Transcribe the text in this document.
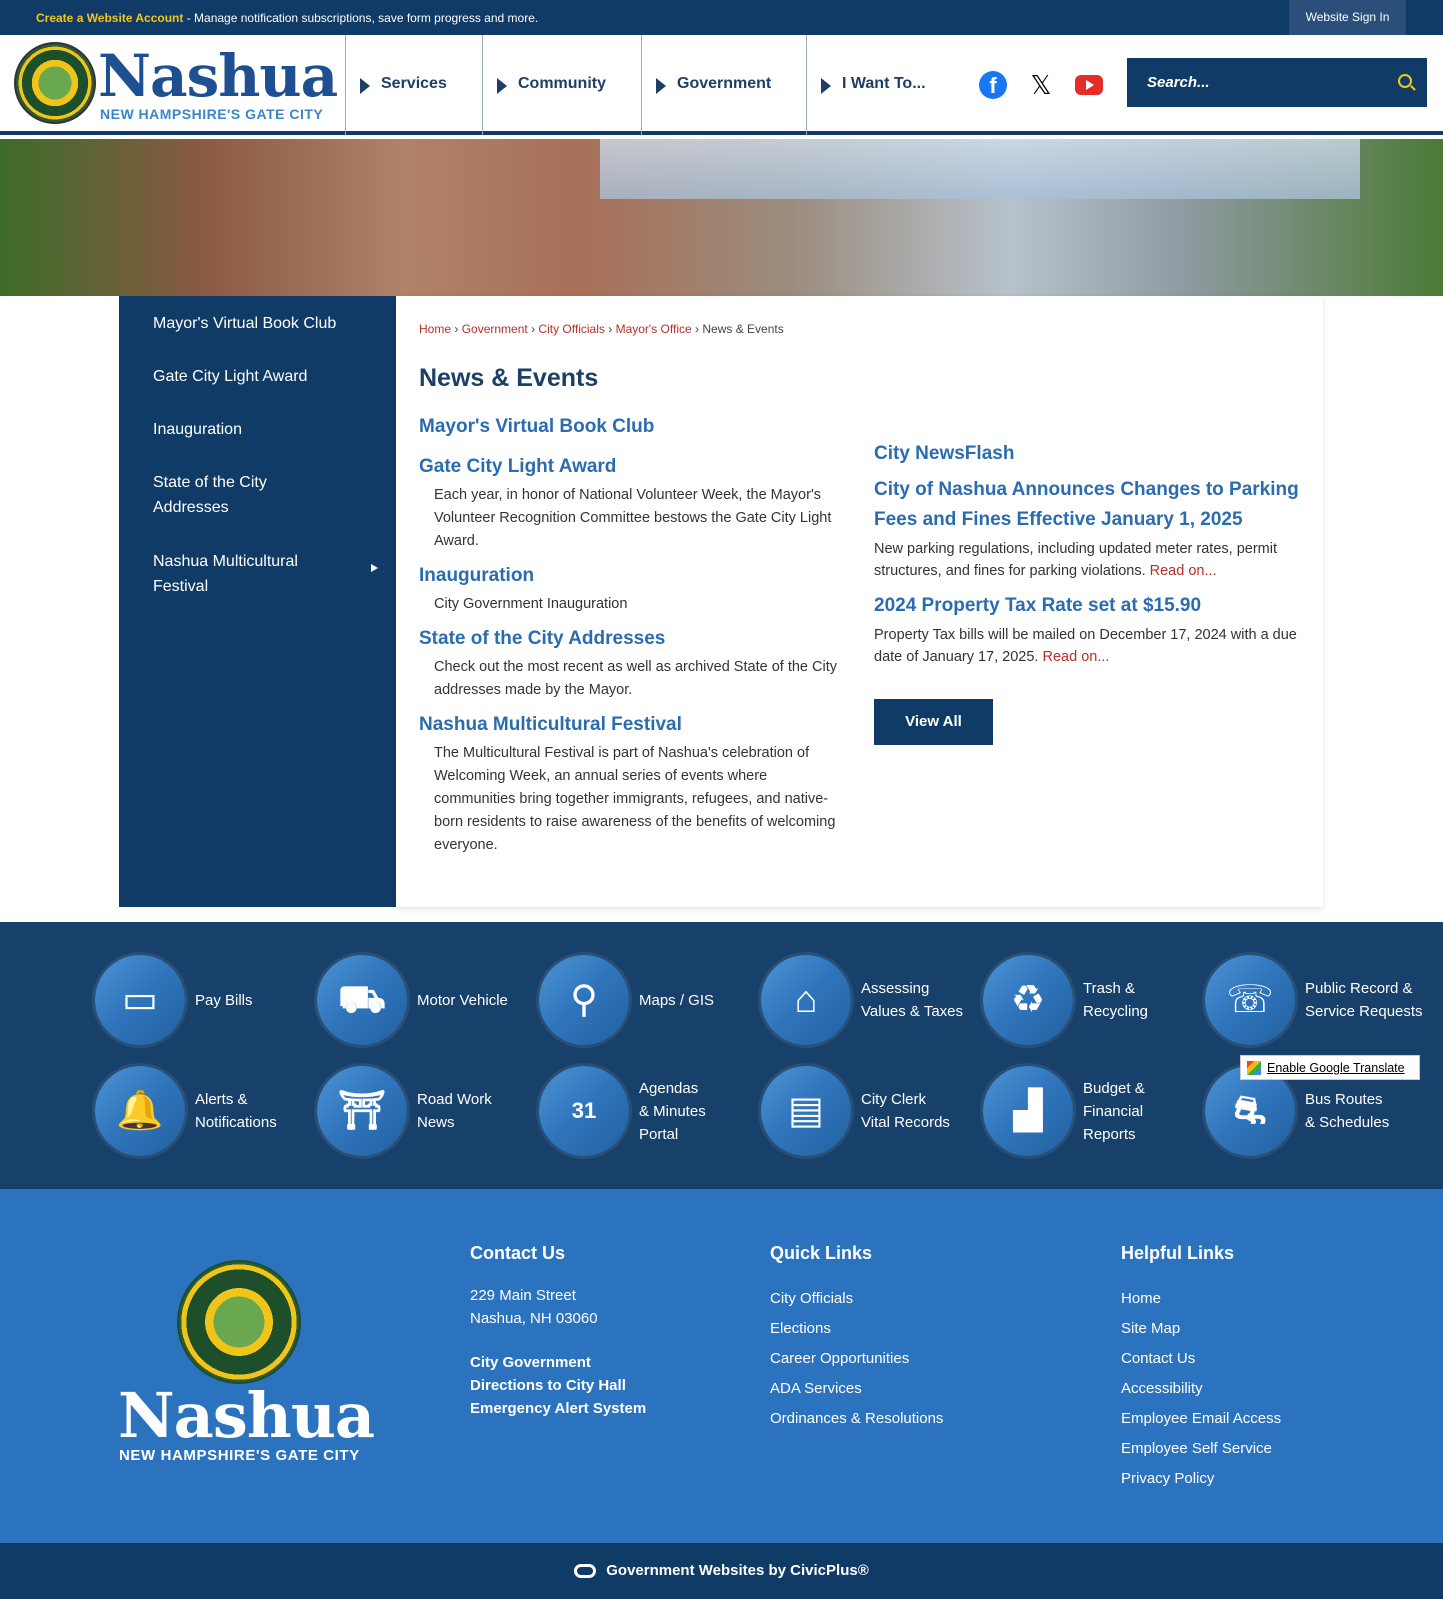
Create a Website Account - Manage notification subscriptions, save form progress and more.	Website Sign In
Nashua
NEW HAMPSHIRE'S GATE CITY
Services	Community	Government	I Want To...	f	𝕏
Search...
Mayor's Virtual Book Club
Gate City Light Award
Inauguration
State of the City Addresses
Nashua Multicultural Festival
Home › Government › City Officials › Mayor's Office › News & Events
News & Events
Mayor's Virtual Book Club
Gate City Light Award

Each year, in honor of National Volunteer Week, the Mayor's Volunteer Recognition Committee bestows the Gate City Light Award.

Inauguration

City Government Inauguration

State of the City Addresses

Check out the most recent as well as archived State of the City addresses made by the Mayor.

Nashua Multicultural Festival

The Multicultural Festival is part of Nashua's celebration of Welcoming Week, an annual series of events where communities bring together immigrants, refugees, and native-born residents to raise awareness of the benefits of welcoming everyone.

City NewsFlash
City of Nashua Announces Changes to Parking Fees and Fines Effective January 1, 2025

New parking regulations, including updated meter rates, permit structures, and fines for parking violations. Read on...

2024 Property Tax Rate set at $15.90

Property Tax bills will be mailed on December 17, 2024 with a due date of January 17, 2025. Read on...

View All
▭	Pay Bills	⛟	Motor Vehicle	⚲	Maps / GIS	⌂	Assessing
Values & Taxes	♻	Trash &
Recycling	☏	Public Record &
Service Requests
🔔	Alerts &
Notifications	⛩	Road Work
News	31
Agendas
& Minutes
Portal
▤	City Clerk
Vital Records	▟
Budget &
Financial
Reports
⛐	Bus Routes
& Schedules
Enable Google Translate
Nashua
NEW HAMPSHIRE'S GATE CITY
Contact Us
229 Main Street
Nashua, NH 03060
City Government
Directions to City Hall
Emergency Alert System
Quick Links
City Officials
Elections
Career Opportunities
ADA Services
Ordinances & Resolutions
Helpful Links
Home
Site Map
Contact Us
Accessibility
Employee Email Access
Employee Self Service
Privacy Policy
Government Websites by CivicPlus®
